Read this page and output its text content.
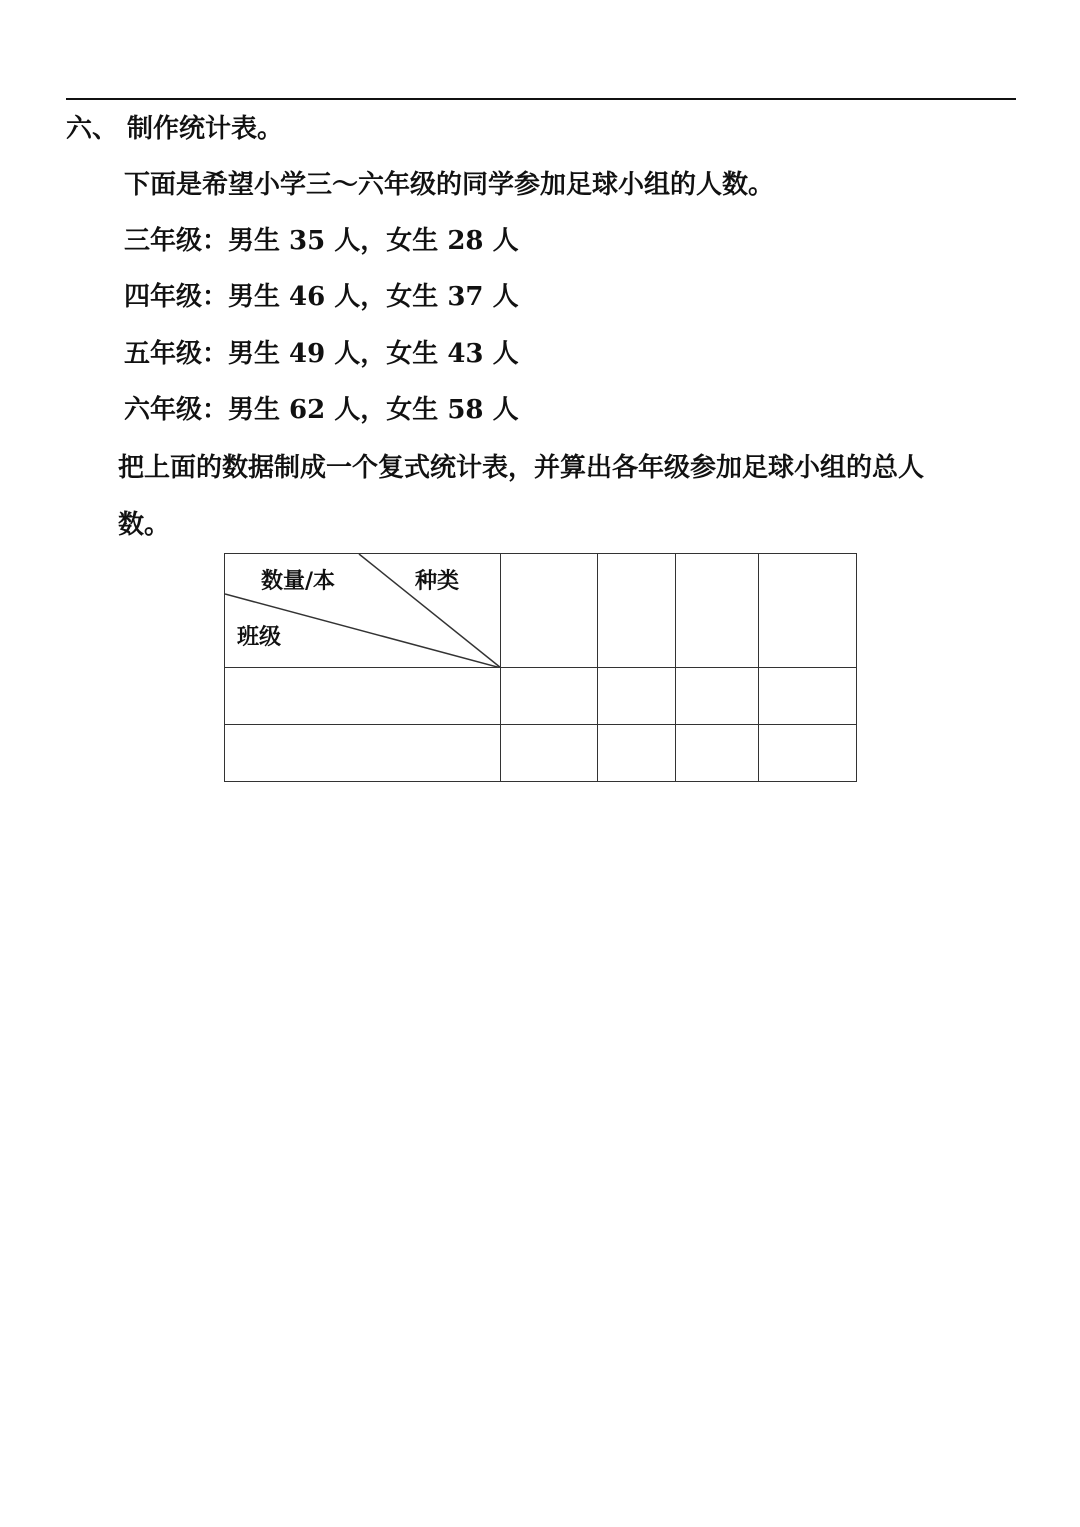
六、 制作统计表。
下面是希望小学三～六年级的同学参加足球小组的人数。
三年级：男生 35 人，女生 28 人
四年级：男生 46 人，女生 37 人
五年级：男生 49 人，女生 43 人
六年级：男生 62 人，女生 58 人
把上面的数据制成一个复式统计表，并算出各年级参加足球小组的总人
数。
数量/本 种类
班级				
